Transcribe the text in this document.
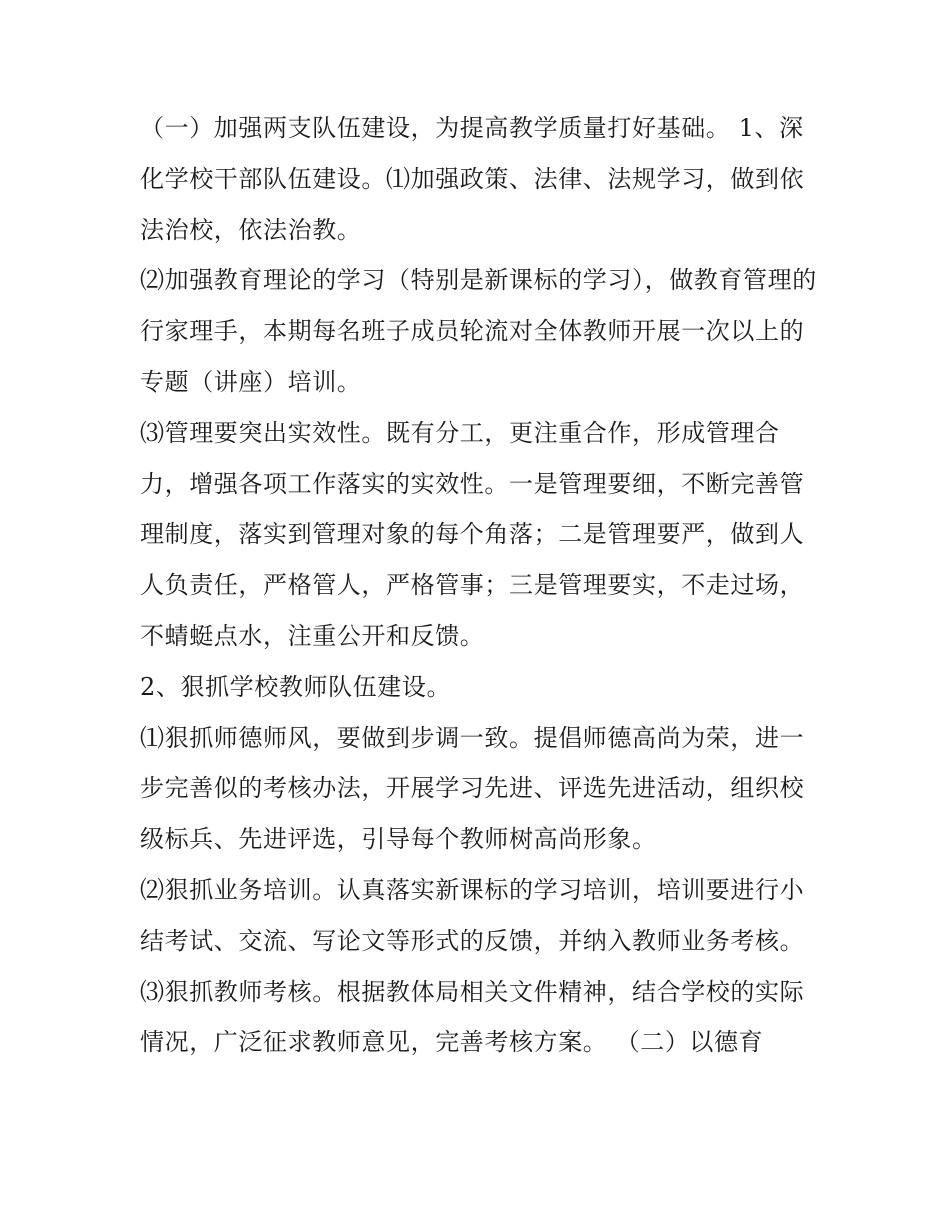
（一）加强两支队伍建设，为提高教学质量打好基础。 1、深化学校干部队伍建设。⑴加强政策、法律、法规学习，做到依法治校，依法治教。

⑵加强教育理论的学习（特别是新课标的学习），做教育管理的行家理手，本期每名班子成员轮流对全体教师开展一次以上的专题（讲座）培训。

⑶管理要突出实效性。既有分工，更注重合作，形成管理合力，增强各项工作落实的实效性。一是管理要细，不断完善管理制度，落实到管理对象的每个角落；二是管理要严，做到人人负责任，严格管人，严格管事；三是管理要实，不走过场，不蜻蜓点水，注重公开和反馈。

2、狠抓学校教师队伍建设。

⑴狠抓师德师风，要做到步调一致。提倡师德高尚为荣，进一步完善似的考核办法，开展学习先进、评选先进活动，组织校级标兵、先进评选，引导每个教师树高尚形象。

⑵狠抓业务培训。认真落实新课标的学习培训，培训要进行小结考试、交流、写论文等形式的反馈，并纳入教师业务考核。

⑶狠抓教师考核。根据教体局相关文件精神，结合学校的实际情况，广泛征求教师意见，完善考核方案。 （二）以德育
